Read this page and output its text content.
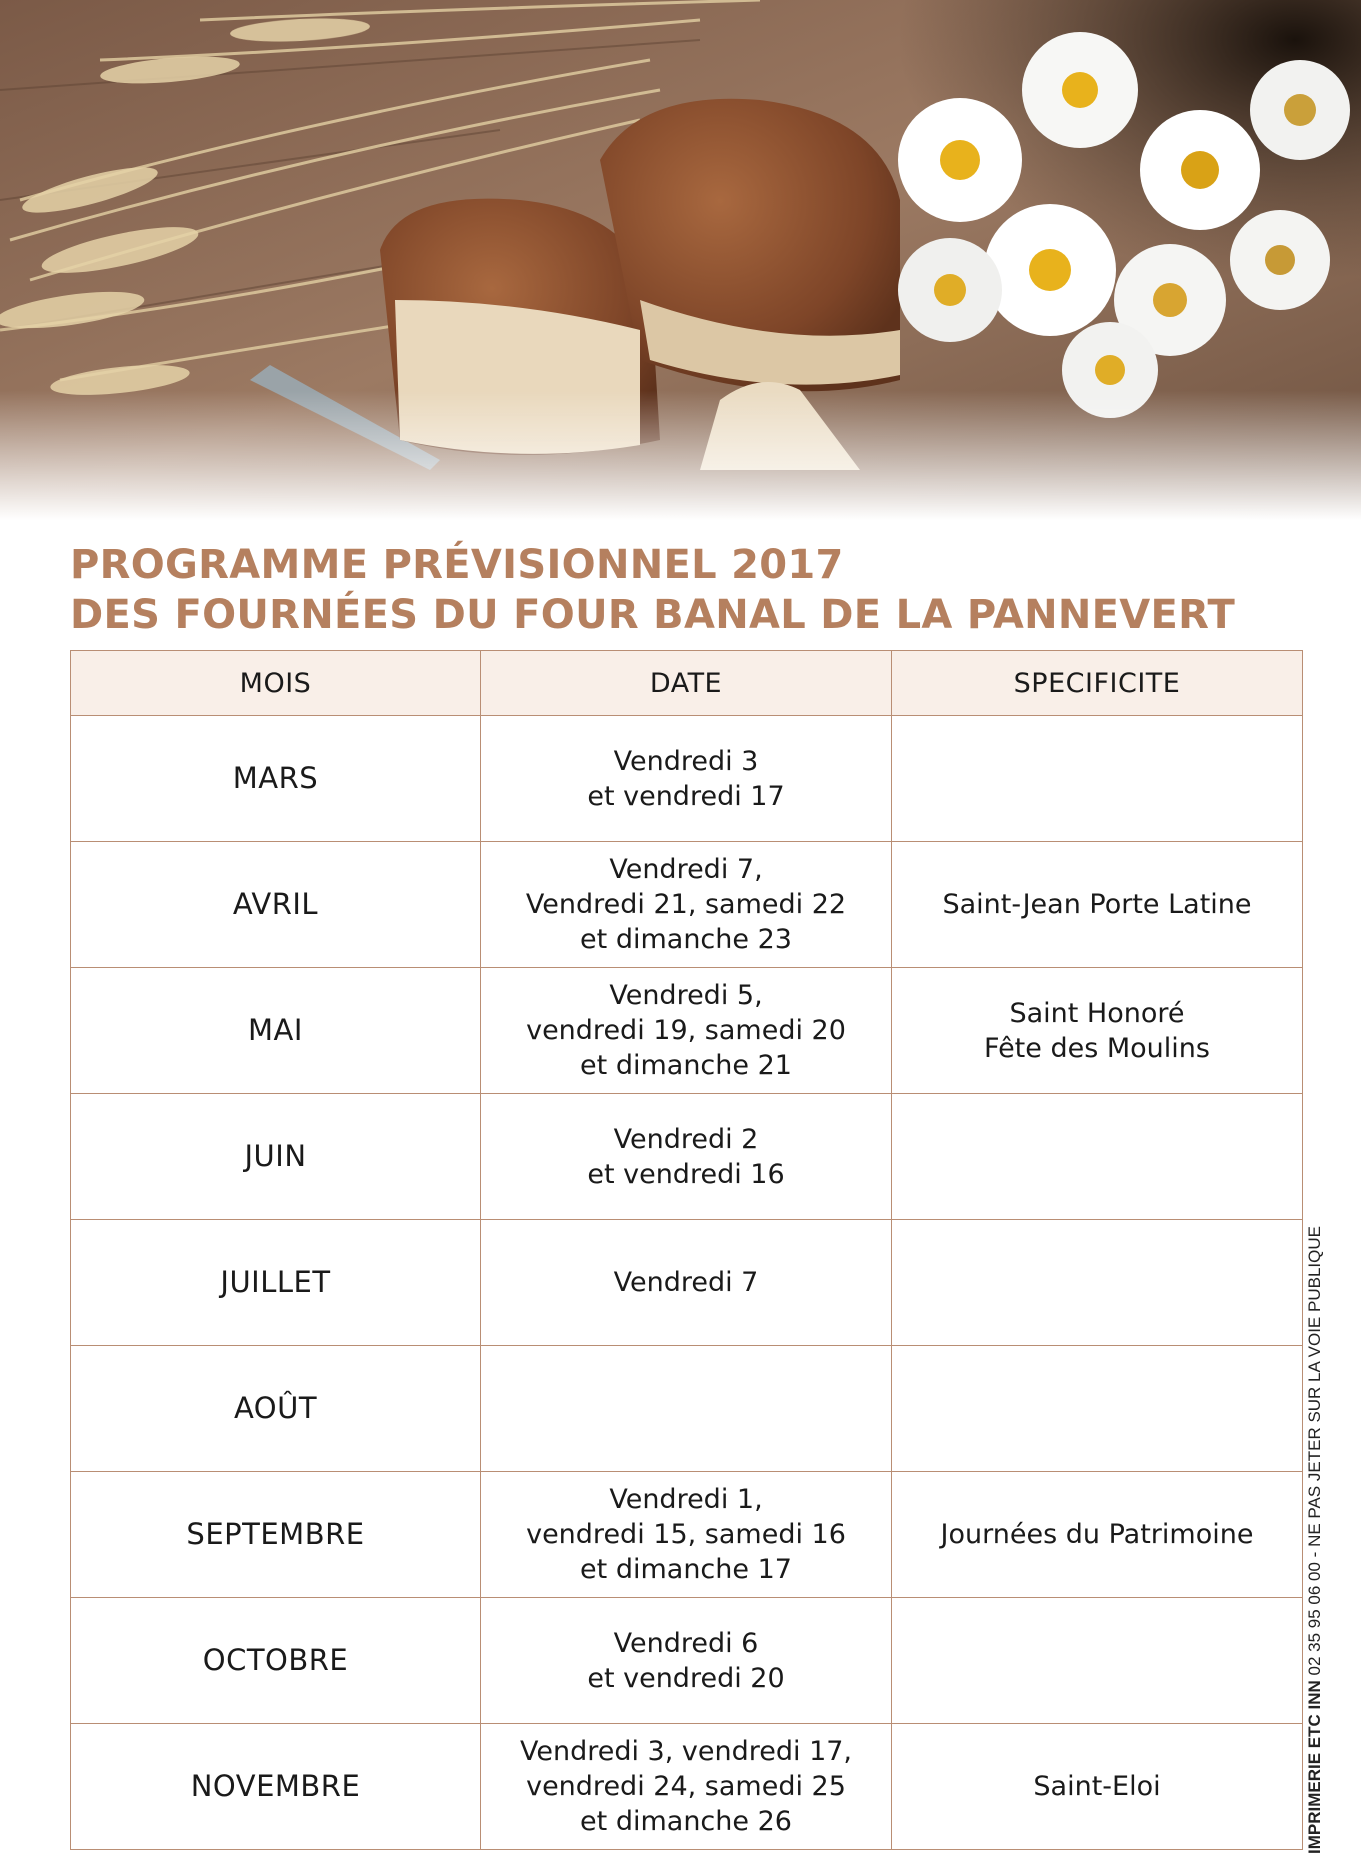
PROGRAMME PRÉVISIONNEL 2017
DES FOURNÉES DU FOUR BANAL DE LA PANNEVERT
MOIS	DATE	SPECIFICITE
MARS	Vendredi 3
et vendredi 17	
AVRIL	Vendredi 7,
Vendredi 21, samedi 22
et dimanche 23	Saint-Jean Porte Latine
MAI	Vendredi 5,
vendredi 19, samedi 20
et dimanche 21	Saint Honoré
Fête des Moulins
JUIN	Vendredi 2
et vendredi 16	
JUILLET	Vendredi 7	
AOÛT		
SEPTEMBRE	Vendredi 1,
vendredi 15, samedi 16
et dimanche 17	Journées du Patrimoine
OCTOBRE	Vendredi 6
et vendredi 20	
NOVEMBRE	Vendredi 3, vendredi 17,
vendredi 24, samedi 25
et dimanche 26	Saint-Eloi	IMPRIMERIE ETC INN 02 35 95 06 00 - NE PAS JETER SUR LA VOIE PUBLIQUE
